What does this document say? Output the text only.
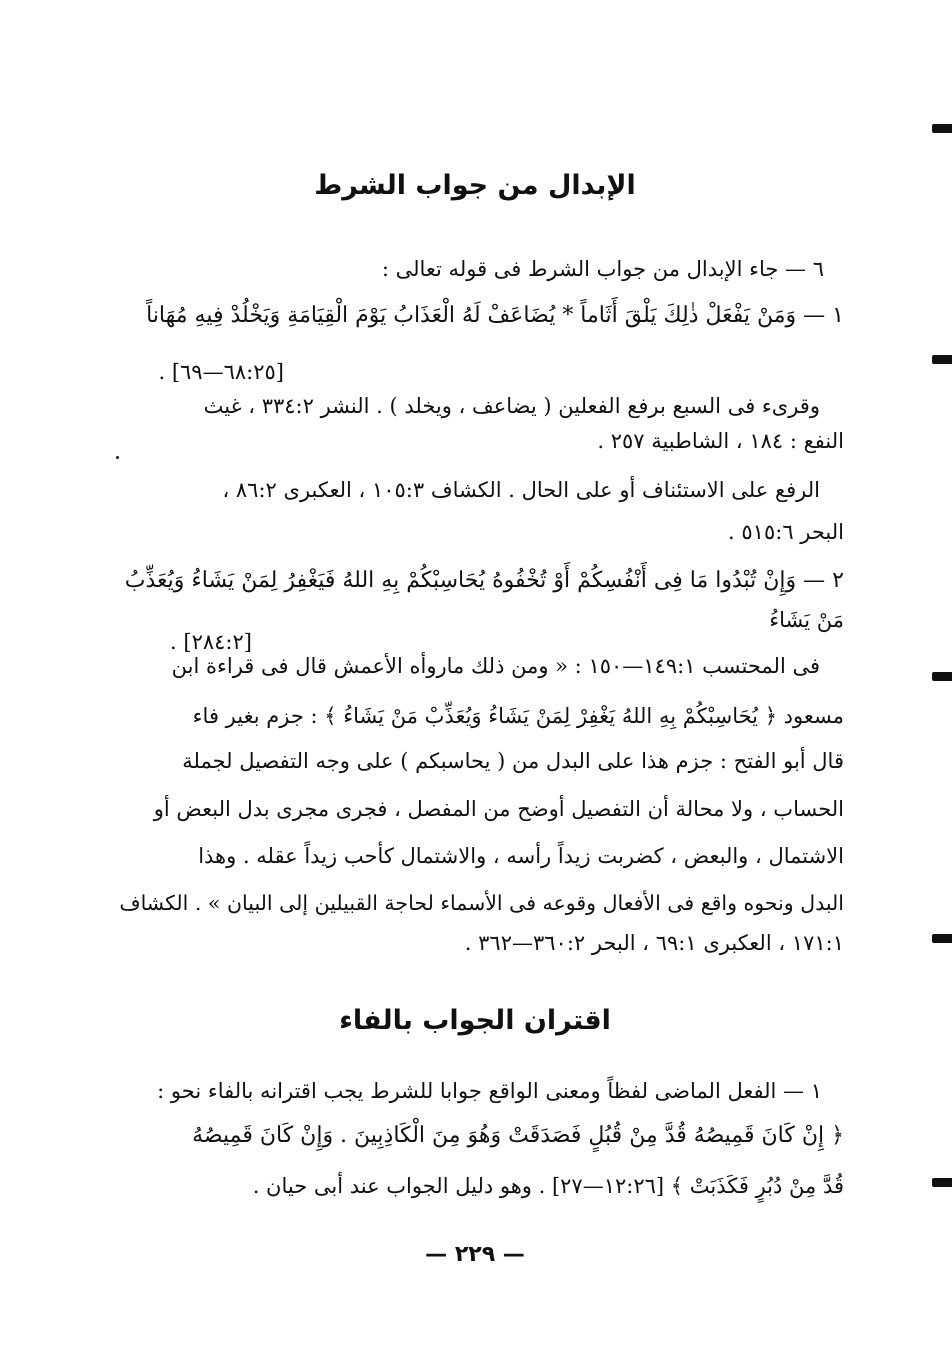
الإبدال من جواب الشرط
٦ — جاء الإبدال من جواب الشرط فى قوله تعالى :
١ — وَمَنْ يَفْعَلْ ذٰلِكَ يَلْقَ أَثَاماً * يُضَاعَفْ لَهُ الْعَذَابُ يَوْمَ الْقِيَامَةِ وَيَخْلُدْ فِيهِ مُهَاناً
[٦٨:٢٥—٦٩] .
وقرىء فى السبع برفع الفعلين ( يضاعف ، ويخلد ) . النشر ٣٣٤:٢ ، غيث
النفع : ١٨٤ ، الشاطبية ٢٥٧ .
الرفع على الاستئناف أو على الحال . الكشاف ١٠٥:٣ ، العكبرى ٨٦:٢ ،
البحر ٥١٥:٦ .
٢ — وَإِنْ تُبْدُوا مَا فِى أَنْفُسِكُمْ أَوْ تُخْفُوهُ يُحَاسِبْكُمْ بِهِ اللهُ فَيَغْفِرُ لِمَنْ يَشَاءُ وَيُعَذِّبُ
مَنْ يَشَاءُ
[٢٨٤:٢] .
فى المحتسب ١٤٩:١—١٥٠ : « ومن ذلك ماروأه الأعمش قال فى قراءة ابن
مسعود ﴿ يُحَاسِبْكُمْ بِهِ اللهُ يَغْفِرْ لِمَنْ يَشَاءُ وَيُعَذِّبْ مَنْ يَشَاءُ ﴾ : جزم بغير فاء
قال أبو الفتح : جزم هذا على البدل من ( يحاسبكم ) على وجه التفصيل لجملة
الحساب ، ولا محالة أن التفصيل أوضح من المفصل ، فجرى مجرى بدل البعض أو
الاشتمال ، والبعض ، كضربت زيداً رأسه ، والاشتمال كأحب زيداً عقله . وهذا
البدل ونحوه واقع فى الأفعال وقوعه فى الأسماء لحاجة القبيلين إلى البيان » . الكشاف
١٧١:١ ، العكبرى ٦٩:١ ، البحر ٣٦٠:٢—٣٦٢ .
اقتران الجواب بالفاء
١ — الفعل الماضى لفظاً ومعنى الواقع جوابا للشرط يجب اقترانه بالفاء نحو :
﴿ إِنْ كَانَ قَمِيصُهُ قُدَّ مِنْ قُبُلٍ فَصَدَقَتْ وَهُوَ مِنَ الْكَاذِبِينَ . وَإِنْ كَانَ قَمِيصُهُ
قُدَّ مِنْ دُبُرٍ فَكَذَبَتْ ﴾ [١٢:٢٦—٢٧] . وهو دليل الجواب عند أبى حيان .
— ٢٢٩ —
